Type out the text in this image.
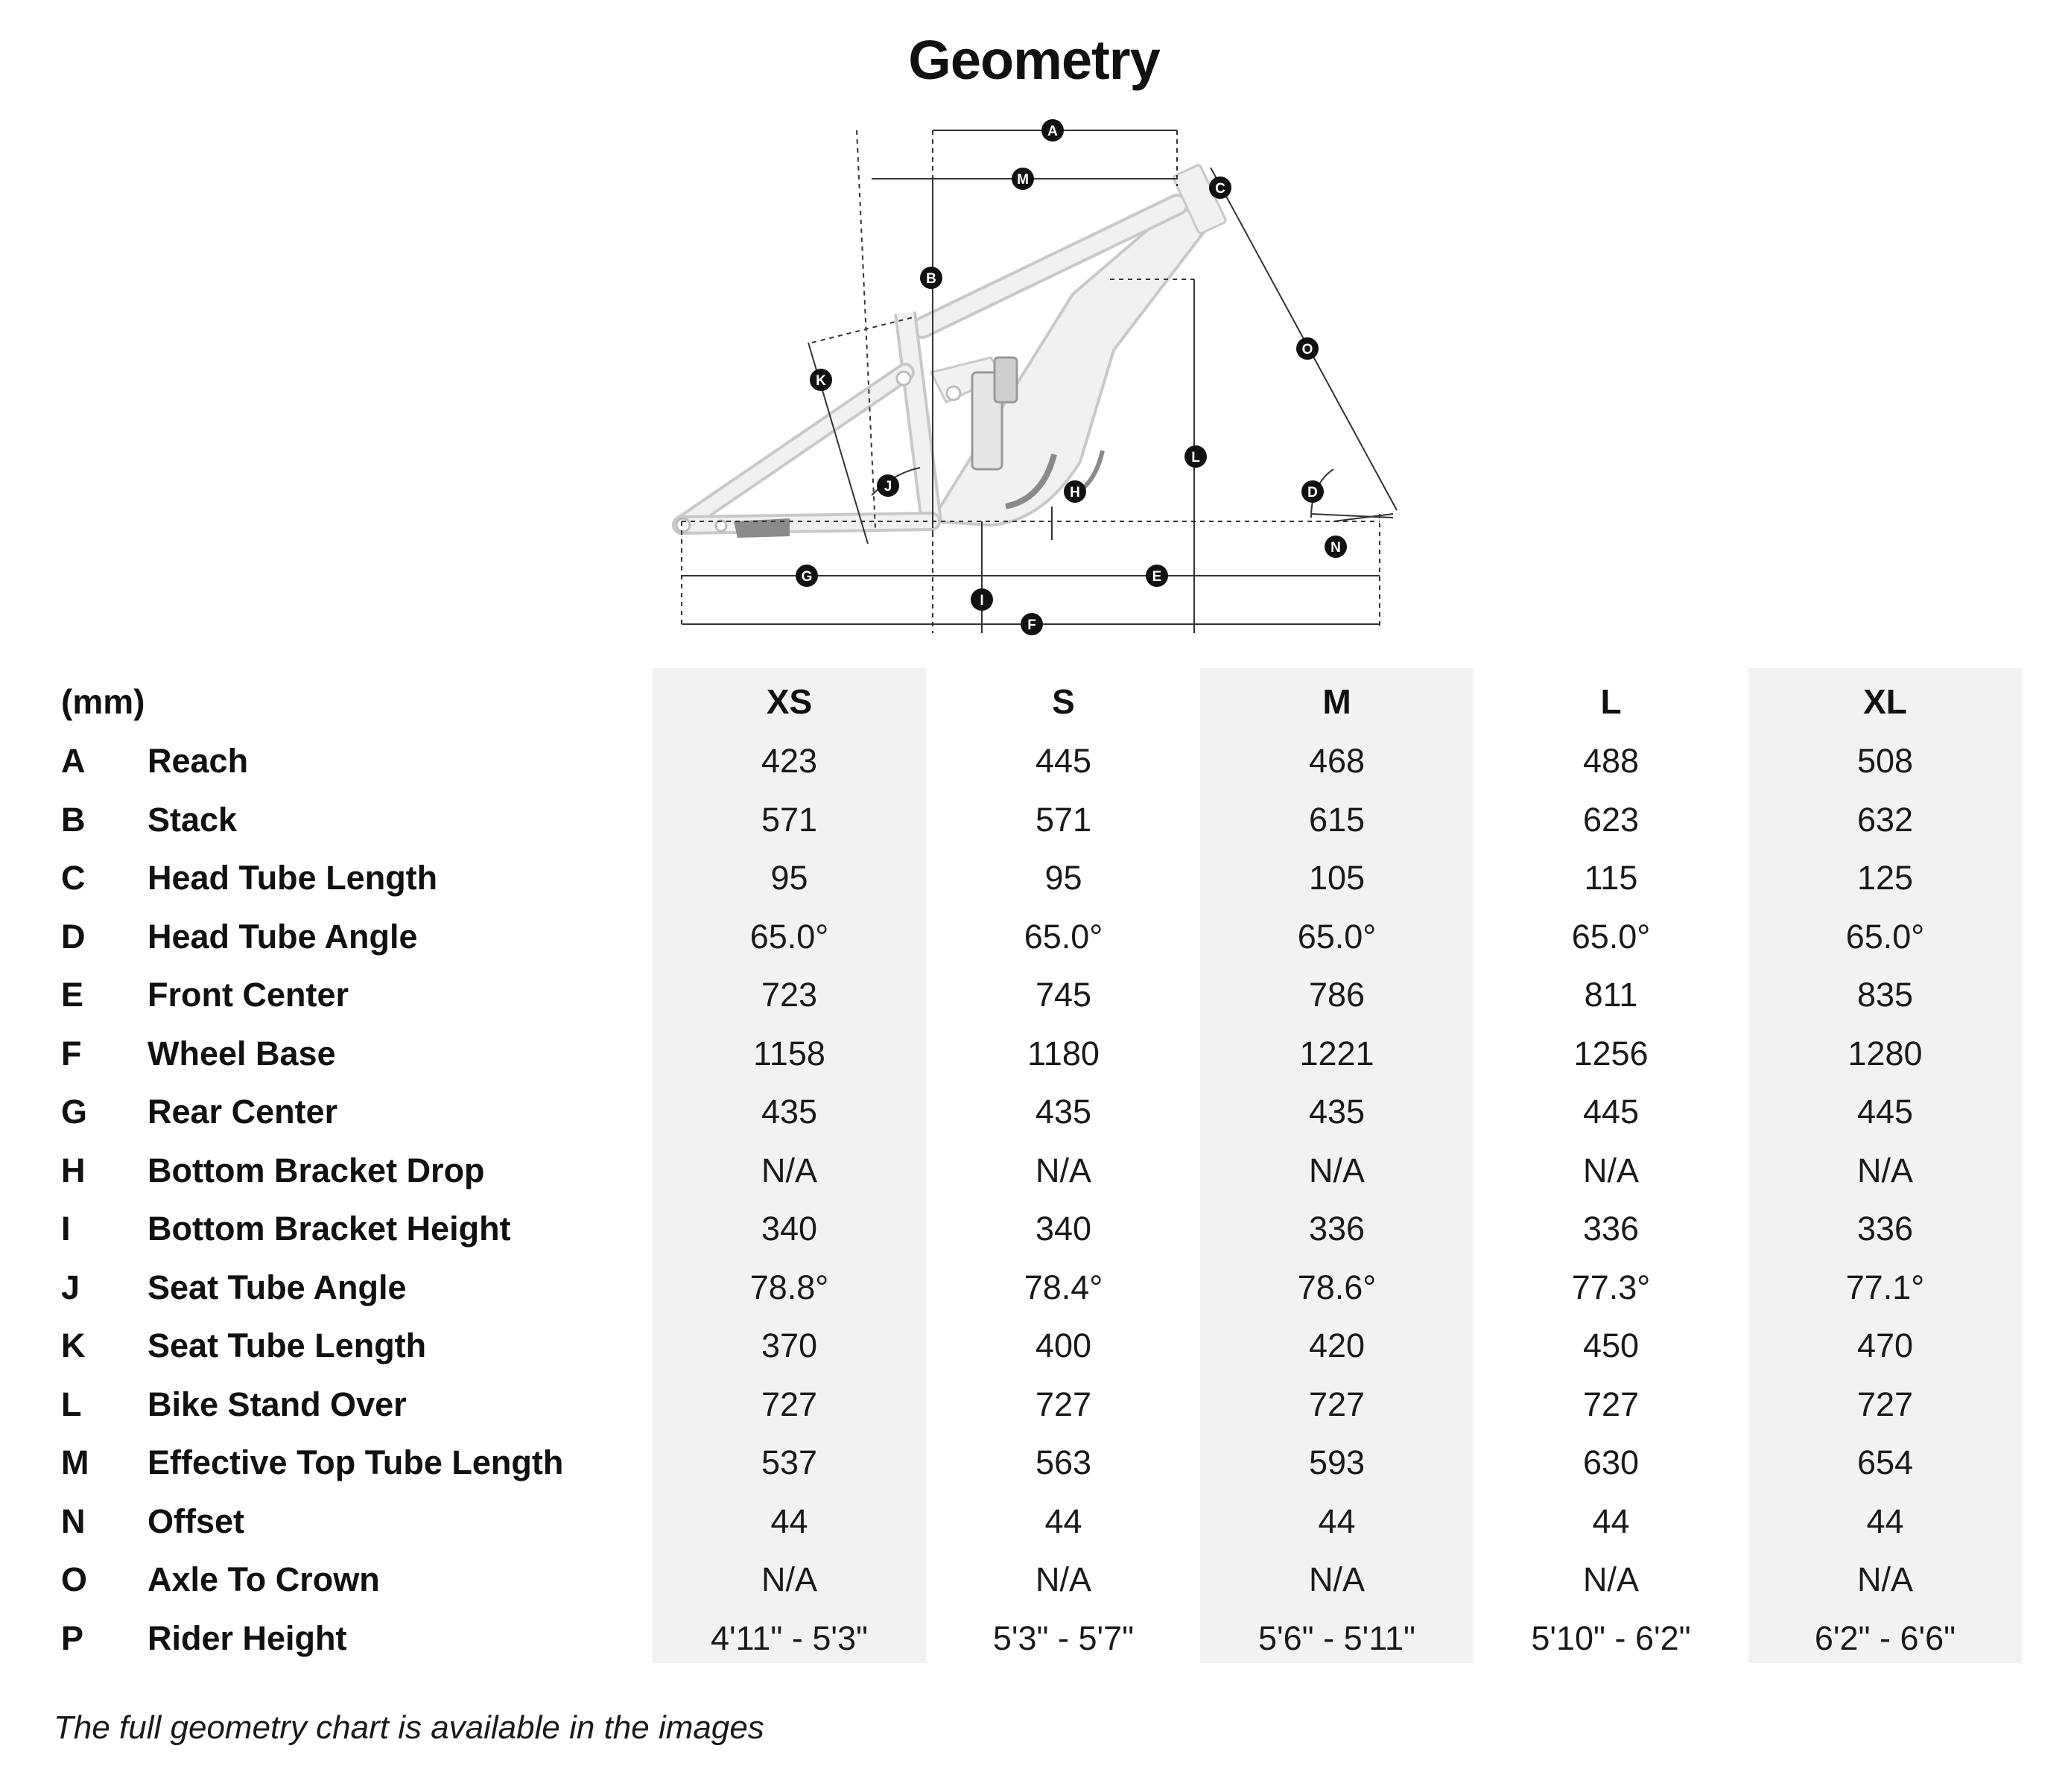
Geometry
A
M
C
B
O
K
L
J	H	D
N
G	E
I
F
(mm)	XS	S	M	L	XL
A Reach	423	445	468	488	508
B Stack	571	571	615	623	632
C Head Tube Length	95	95	105	115	125
D Head Tube Angle	65.0°	65.0°	65.0°	65.0°	65.0°
E Front Center	723	745	786	811	835
F Wheel Base	1158	1180	1221	1256	1280
G Rear Center	435	435	435	445	445
H Bottom Bracket Drop	N/A	N/A	N/A	N/A	N/A
I Bottom Bracket Height	340	340	336	336	336
J Seat Tube Angle	78.8°	78.4°	78.6°	77.3°	77.1°
K Seat Tube Length	370	400	420	450	470
L Bike Stand Over	727	727	727	727	727
M Effective Top Tube Length	537	563	593	630	654
N Offset	44	44	44	44	44
O Axle To Crown	N/A	N/A	N/A	N/A	N/A
P Rider Height	4'11" - 5'3"	5'3" - 5'7"	5'6" - 5'11"	5'10" - 6'2"	6'2" - 6'6"
The full geometry chart is available in the images
